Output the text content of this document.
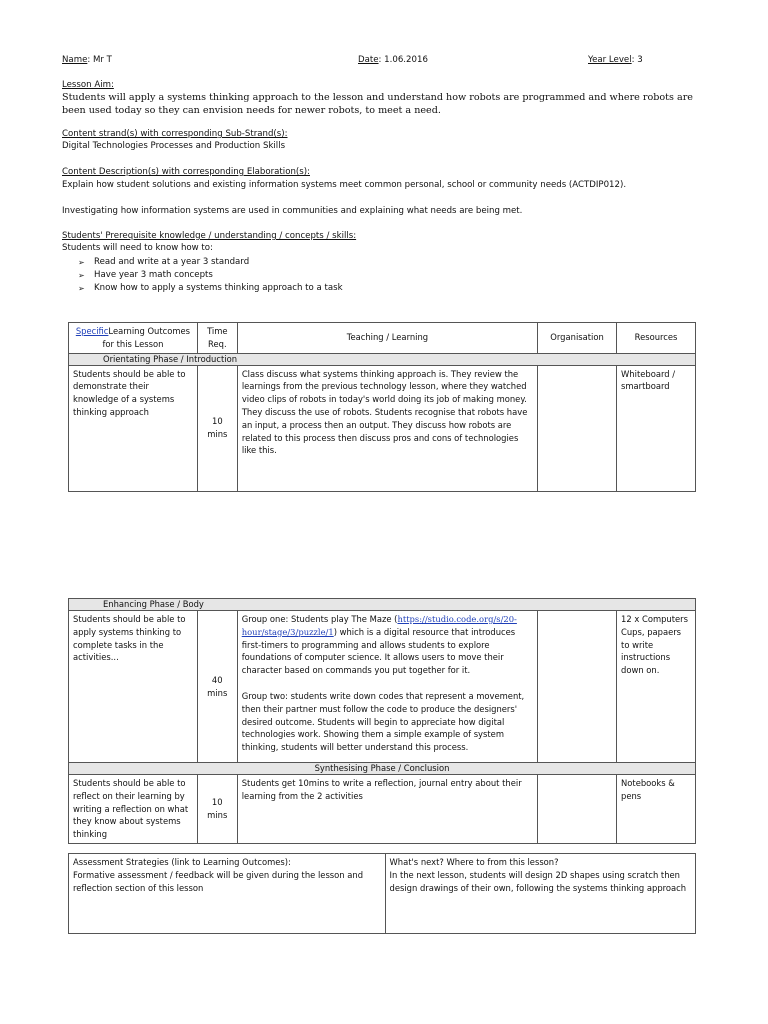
Name: Mr T	Date: 1.06.2016	Year Level: 3
Lesson Aim:
Students will apply a systems thinking approach to the lesson and understand how robots are programmed and where robots are been used today so they can envision needs for newer robots, to meet a need.
Content strand(s) with corresponding Sub-Strand(s):
Digital Technologies Processes and Production Skills
Content Description(s) with corresponding Elaboration(s):
Explain how student solutions and existing information systems meet common personal, school or community needs (ACTDIP012).
Investigating how information systems are used in communities and explaining what needs are being met.
Students' Prerequisite knowledge / understanding / concepts / skills:
Students will need to know how to:
➢ Read and write at a year 3 standard
➢ Have year 3 math concepts
➢ Know how to apply a systems thinking approach to a task
SpecificLearning Outcomes for this Lesson	Time Req.	Teaching / Learning	Organisation	Resources
Orientating Phase / Introduction				
Students should be able to demonstrate their knowledge of a systems thinking approach	10 mins	Class discuss what systems thinking approach is. They review the learnings from the previous technology lesson, where they watched video clips of robots in today's world doing its job of making money. They discuss the use of robots. Students recognise that robots have an input, a process then an output. They discuss how robots are related to this process then discuss pros and cons of technologies like this.		Whiteboard / smartboard
Enhancing Phase / Body				
Students should be able to apply systems thinking to complete tasks in the activities...	40 mins	Group one: Students play The Maze (https://studio.code.org/s/20-hour/stage/3/puzzle/1) which is a digital resource that introduces first-timers to programming and allows students to explore foundations of computer science. It allows users to move their character based on commands you put together for it.

Group two: students write down codes that represent a movement, then their partner must follow the code to produce the designers' desired outcome. Students will begin to appreciate how digital technologies work. Showing them a simple example of system thinking, students will better understand this process.		12 x Computers Cups, papaers to write instructions down on.
Synthesising Phase / Conclusion				
Students should be able to reflect on their learning by writing a reflection on what they know about systems thinking	10 mins	Students get 10mins to write a reflection, journal entry about their learning from the 2 activities		Notebooks & pens
Assessment Strategies (link to Learning Outcomes):
Formative assessment / feedback will be given during the lesson and reflection section of this lesson

What's next? Where to from this lesson?
In the next lesson, students will design 2D shapes using scratch then design drawings of their own, following the systems thinking approach
